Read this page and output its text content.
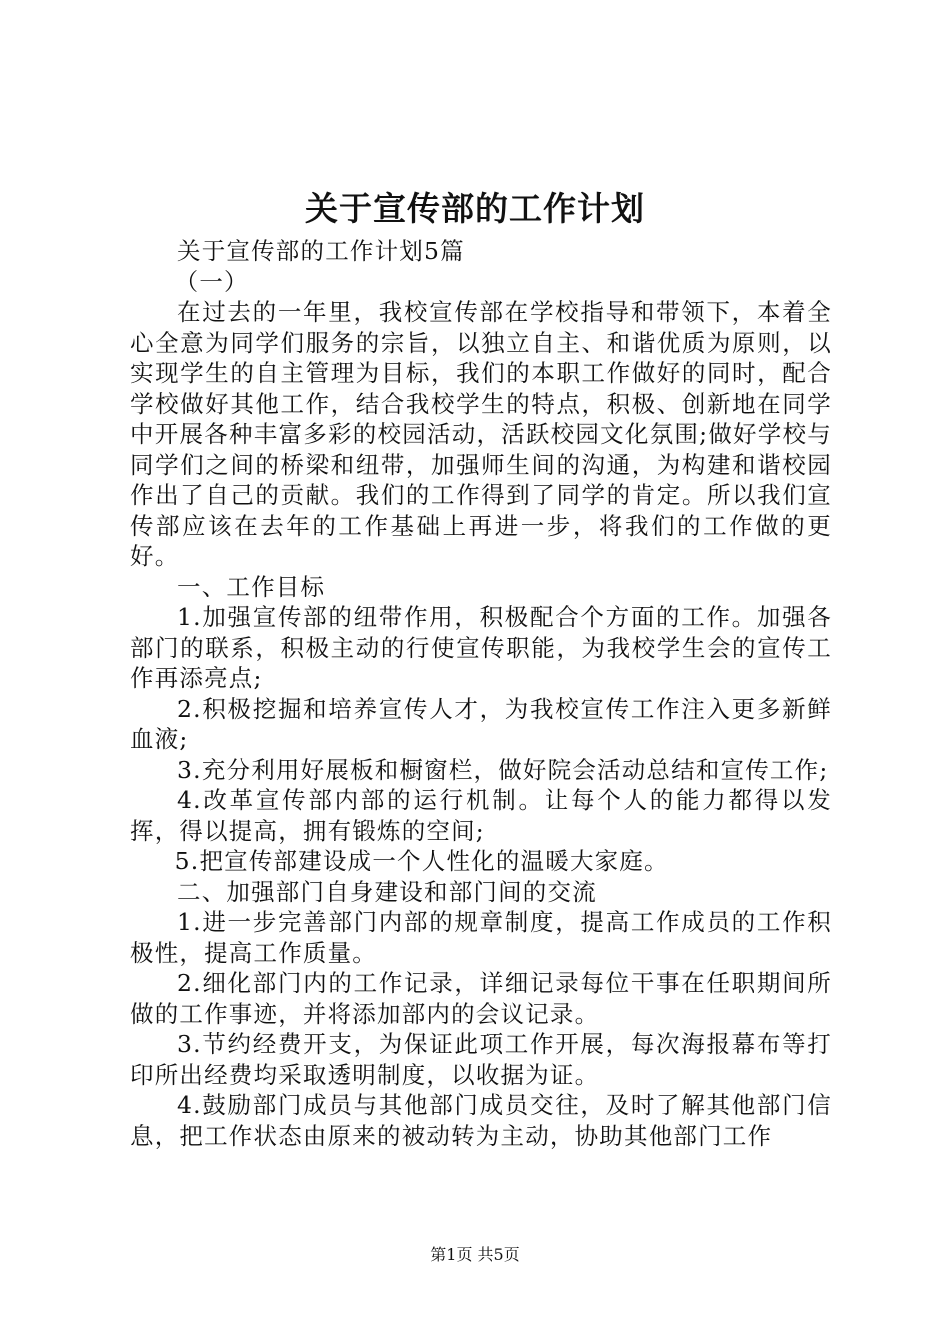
关于宣传部的工作计划

关于宣传部的工作计划5篇

（一）

在过去的一年里，我校宣传部在学校指导和带领下，本着全心全意为同学们服务的宗旨，以独立自主、和谐优质为原则，以实现学生的自主管理为目标，我们的本职工作做好的同时，配合学校做好其他工作，结合我校学生的特点，积极、创新地在同学中开展各种丰富多彩的校园活动，活跃校园文化氛围;做好学校与同学们之间的桥梁和纽带，加强师生间的沟通，为构建和谐校园作出了自己的贡献。我们的工作得到了同学的肯定。所以我们宣传部应该在去年的工作基础上再进一步，将我们的工作做的更好。

一、工作目标

1.加强宣传部的纽带作用，积极配合个方面的工作。加强各部门的联系，积极主动的行使宣传职能，为我校学生会的宣传工作再添亮点;

2.积极挖掘和培养宣传人才，为我校宣传工作注入更多新鲜血液;

3.充分利用好展板和橱窗栏，做好院会活动总结和宣传工作;

4.改革宣传部内部的运行机制。让每个人的能力都得以发挥，得以提高，拥有锻炼的空间;

5.把宣传部建设成一个人性化的温暖大家庭。

二、加强部门自身建设和部门间的交流

1.进一步完善部门内部的规章制度，提高工作成员的工作积极性，提高工作质量。

2.细化部门内的工作记录，详细记录每位干事在任职期间所做的工作事迹，并将添加部内的会议记录。

3.节约经费开支，为保证此项工作开展，每次海报幕布等打印所出经费均采取透明制度，以收据为证。

4.鼓励部门成员与其他部门成员交往，及时了解其他部门信息，把工作状态由原来的被动转为主动，协助其他部门工作

第1页 共5页
